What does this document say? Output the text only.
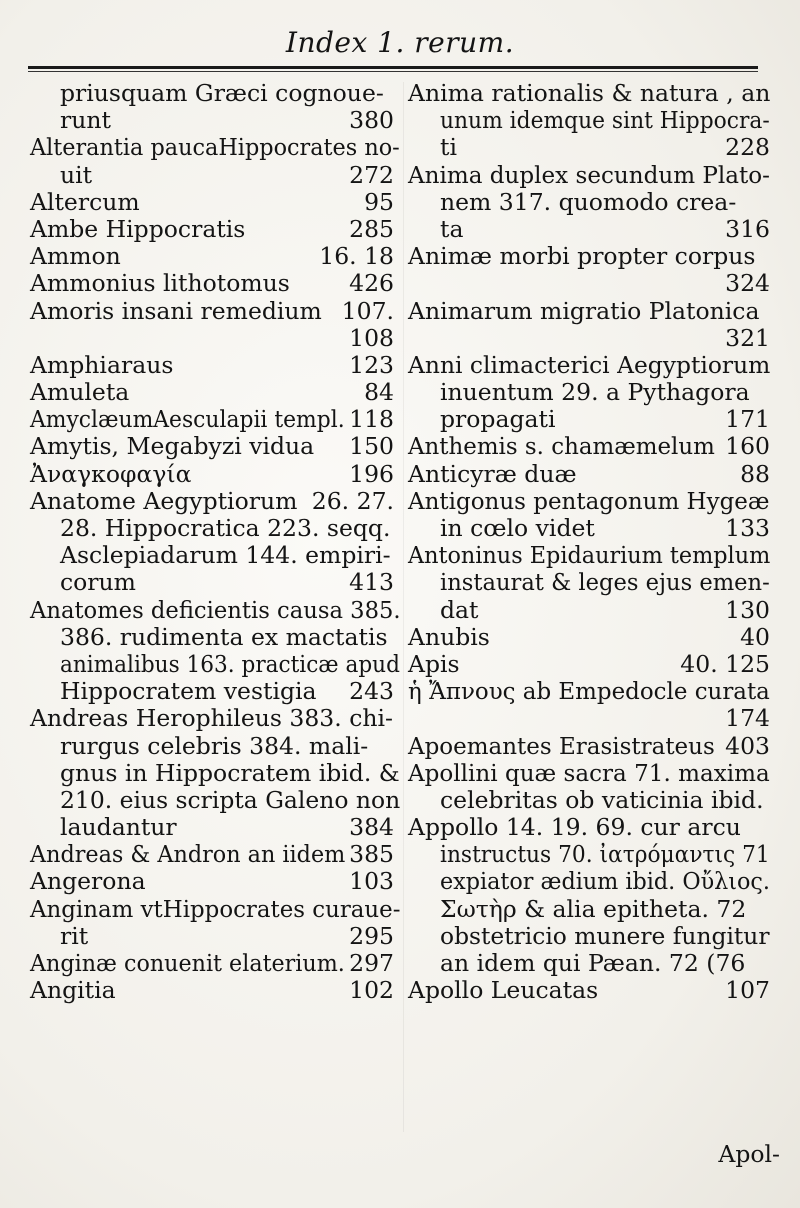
Index 1. rerum.
priusquam Græci cognoue-
runt	380
Alterantia paucaHippocrates no-
uit	272
Altercum	95
Ambe Hippocratis	285
Ammon	16. 18
Ammonius lithotomus	426
Amoris insani remedium 107.
108
Amphiaraus	123
Amuleta	84
AmyclæumAesculapii templ. 118
Amytis, Megabyzi vidua 150
Ἀναγκοφαγία	196
Anatome Aegyptiorum 26. 27.
28. Hippocratica 223. seqq.
Asclepiadarum 144. empiri-
corum	413
Anatomes deficientis causa 385.
386. rudimenta ex mactatis
animalibus 163. practicæ apud
Hippocratem vestigia 243
Andreas Herophileus 383. chi-
rurgus celebris 384. mali-
gnus in Hippocratem ibid. &
210. eius scripta Galeno non
laudantur	384
Andreas & Andron an iidem 385
Angerona	103
Anginam vtHippocrates curaue-
rit	295
Anginæ conuenit elaterium. 297
Angitia	102
Anima rationalis & natura , an
unum idemque sint Hippocra-
ti	228
Anima duplex secundum Plato-
nem 317. quomodo crea-
ta	316
Animæ morbi propter corpus
324
Animarum migratio Platonica
321
Anni climacterici Aegyptiorum
inuentum 29. a Pythagora
propagati	171
Anthemis s. chamæmelum 160
Anticyræ duæ	88
Antigonus pentagonum Hygeæ
in cœlo videt	133
Antoninus Epidaurium templum
instaurat & leges ejus emen-
dat	130
Anubis	40
Apis	40. 125
ἡ Ἄπνους ab Empedocle curata
174
Apoemantes Erasistrateus 403
Apollini quæ sacra 71. maxima
celebritas ob vaticinia ibid.
Appollo 14. 19. 69. cur arcu
instructus 70. ἰατρόμαντις 71
expiator ædium ibid. Οὔλιος.
Σωτὴρ & alia epitheta. 72
obstetricio munere fungitur
an idem qui Pæan. 72 (76
Apollo Leucatas	107
Apol-
